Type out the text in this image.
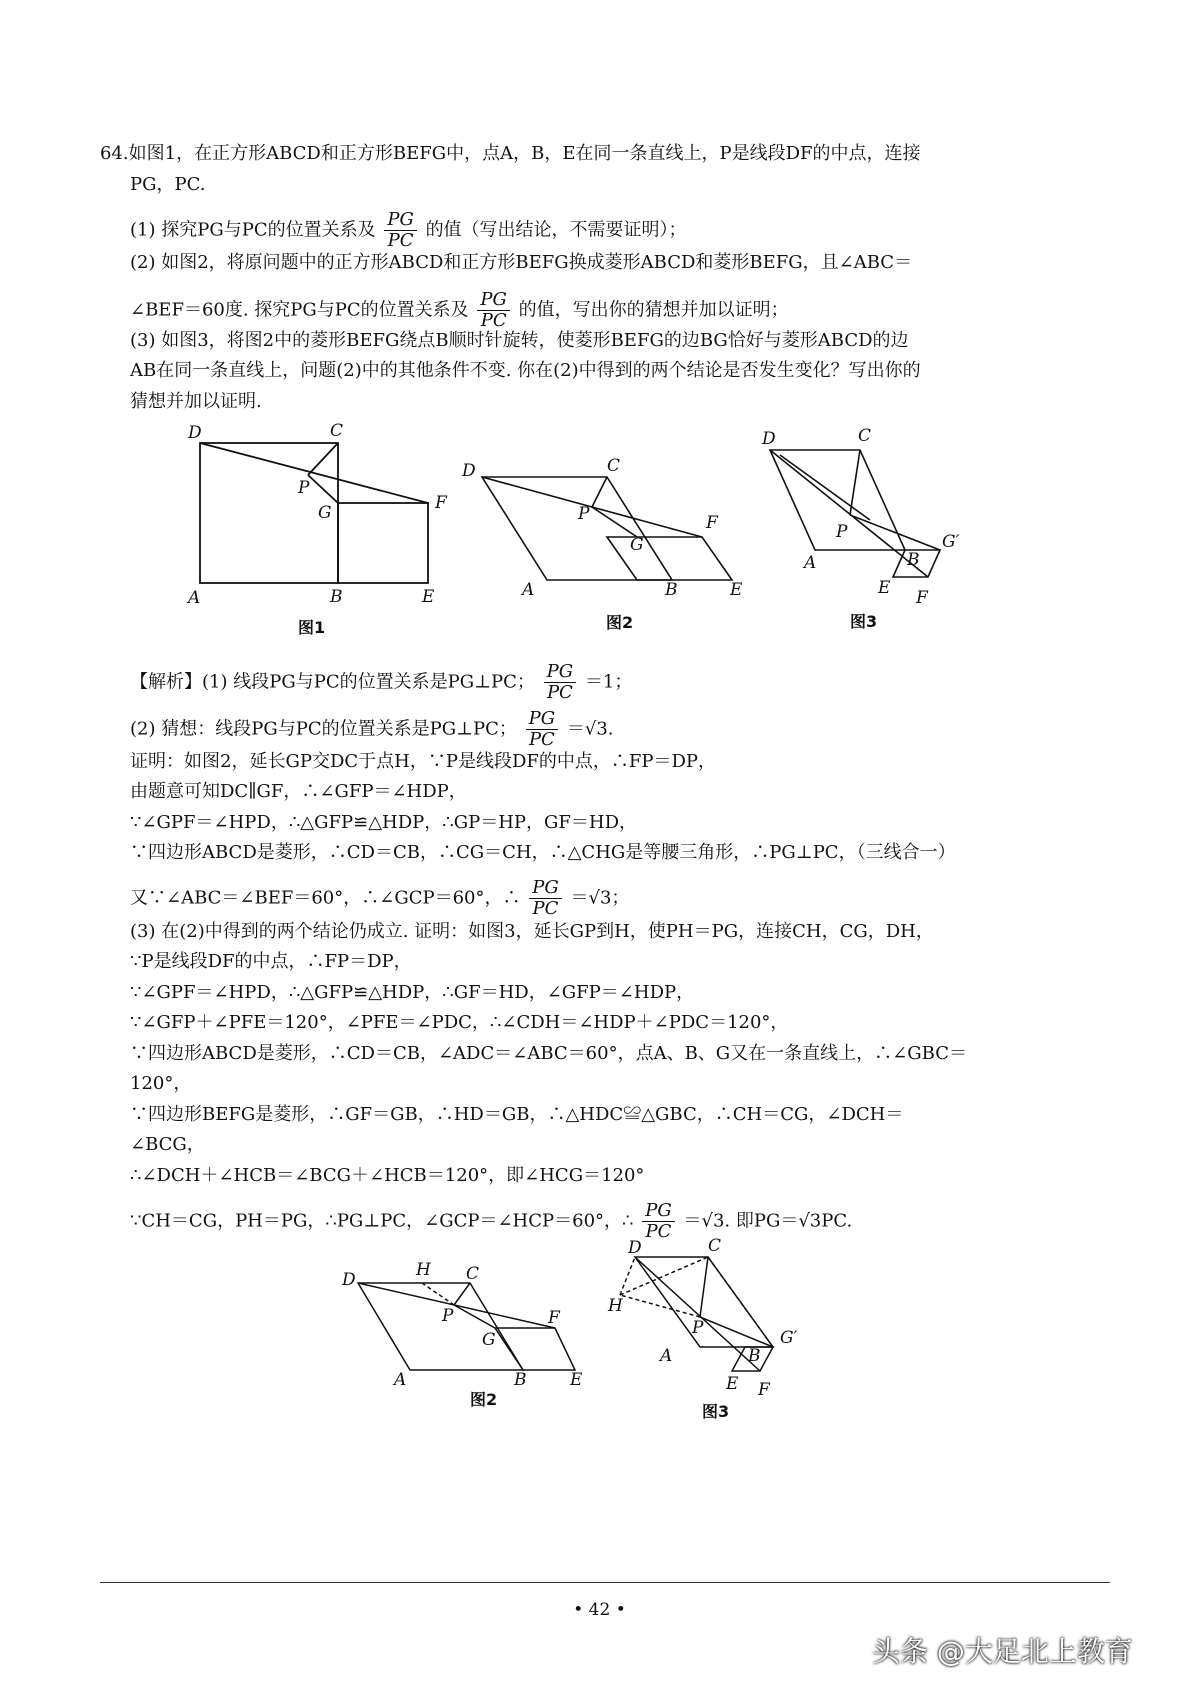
64.如图1，在正方形ABCD和正方形BEFG中，点A，B，E在同一条直线上，P是线段DF的中点，连接
PG，PC.
(1) 探究PG与PC的位置关系及 $\frac{PG}{PC}$ 的值（写出结论，不需要证明）；
(2) 如图2，将原问题中的正方形ABCD和正方形BEFG换成菱形ABCD和菱形BEFG，且∠ABC＝
∠BEF＝60度. 探究PG与PC的位置关系及 $\frac{PG}{PC}$ 的值，写出你的猜想并加以证明；
(3) 如图3，将图2中的菱形BEFG绕点B顺时针旋转，使菱形BEFG的边BG恰好与菱形ABCD的边
AB在同一条直线上，问题(2)中的其他条件不变. 你在(2)中得到的两个结论是否发生变化？写出你的
猜想并加以证明.
D	C
P
G	F
A	B	E
图1
D	C
P	F
G
A	B	E
图2
D	C
P	G′
A	B
E F
图3
【解析】(1) 线段PG与PC的位置关系是PG⊥PC； $\frac{PG}{PC} =1$；
(2) 猜想：线段PG与PC的位置关系是PG⊥PC； $\frac{PG}{PC} =√3$.
证明：如图2，延长GP交DC于点H，∵P是线段DF的中点，∴FP＝DP，
由题意可知DC∥GF，∴∠GFP＝∠HDP，
∵∠GPF＝∠HPD，∴△GFP≌△HDP，∴GP＝HP，GF＝HD，
∵四边形ABCD是菱形，∴CD＝CB，∴CG＝CH，∴△CHG是等腰三角形，∴PG⊥PC，（三线合一）
又∵∠ABC＝∠BEF＝60°，∴∠GCP＝60°，∴ $\frac{PG}{PC} =√3$；
(3) 在(2)中得到的两个结论仍成立. 证明：如图3，延长GP到H，使PH＝PG，连接CH，CG，DH，
∵P是线段DF的中点，∴FP＝DP，
∵∠GPF＝∠HPD，∴△GFP≌△HDP，∴GF＝HD，∠GFP＝∠HDP，
∵∠GFP＋∠PFE＝120°，∠PFE＝∠PDC，∴∠CDH＝∠HDP＋∠PDC＝120°，
∵四边形ABCD是菱形，∴CD＝CB，∠ADC＝∠ABC＝60°，点A、B、G又在一条直线上，∴∠GBC＝
120°，
∵四边形BEFG是菱形，∴GF＝GB，∴HD＝GB，∴△HDC≌△GBC，∴CH＝CG，∠DCH＝
∠BCG，
∴∠DCH＋∠HCB＝∠BCG＋∠HCB＝120°，即∠HCG＝120°
∵CH＝CG，PH＝PG，∴PG⊥PC，∠GCP＝∠HCP＝60°，∴ $\frac{PG}{PC} =√3$. 即PG＝√3PC.
D	H C
P
G
F
A	B	E
图2
D	C
H
P	G′
A	B
E F
图3
• 42 •
头条 @大足北上教育
